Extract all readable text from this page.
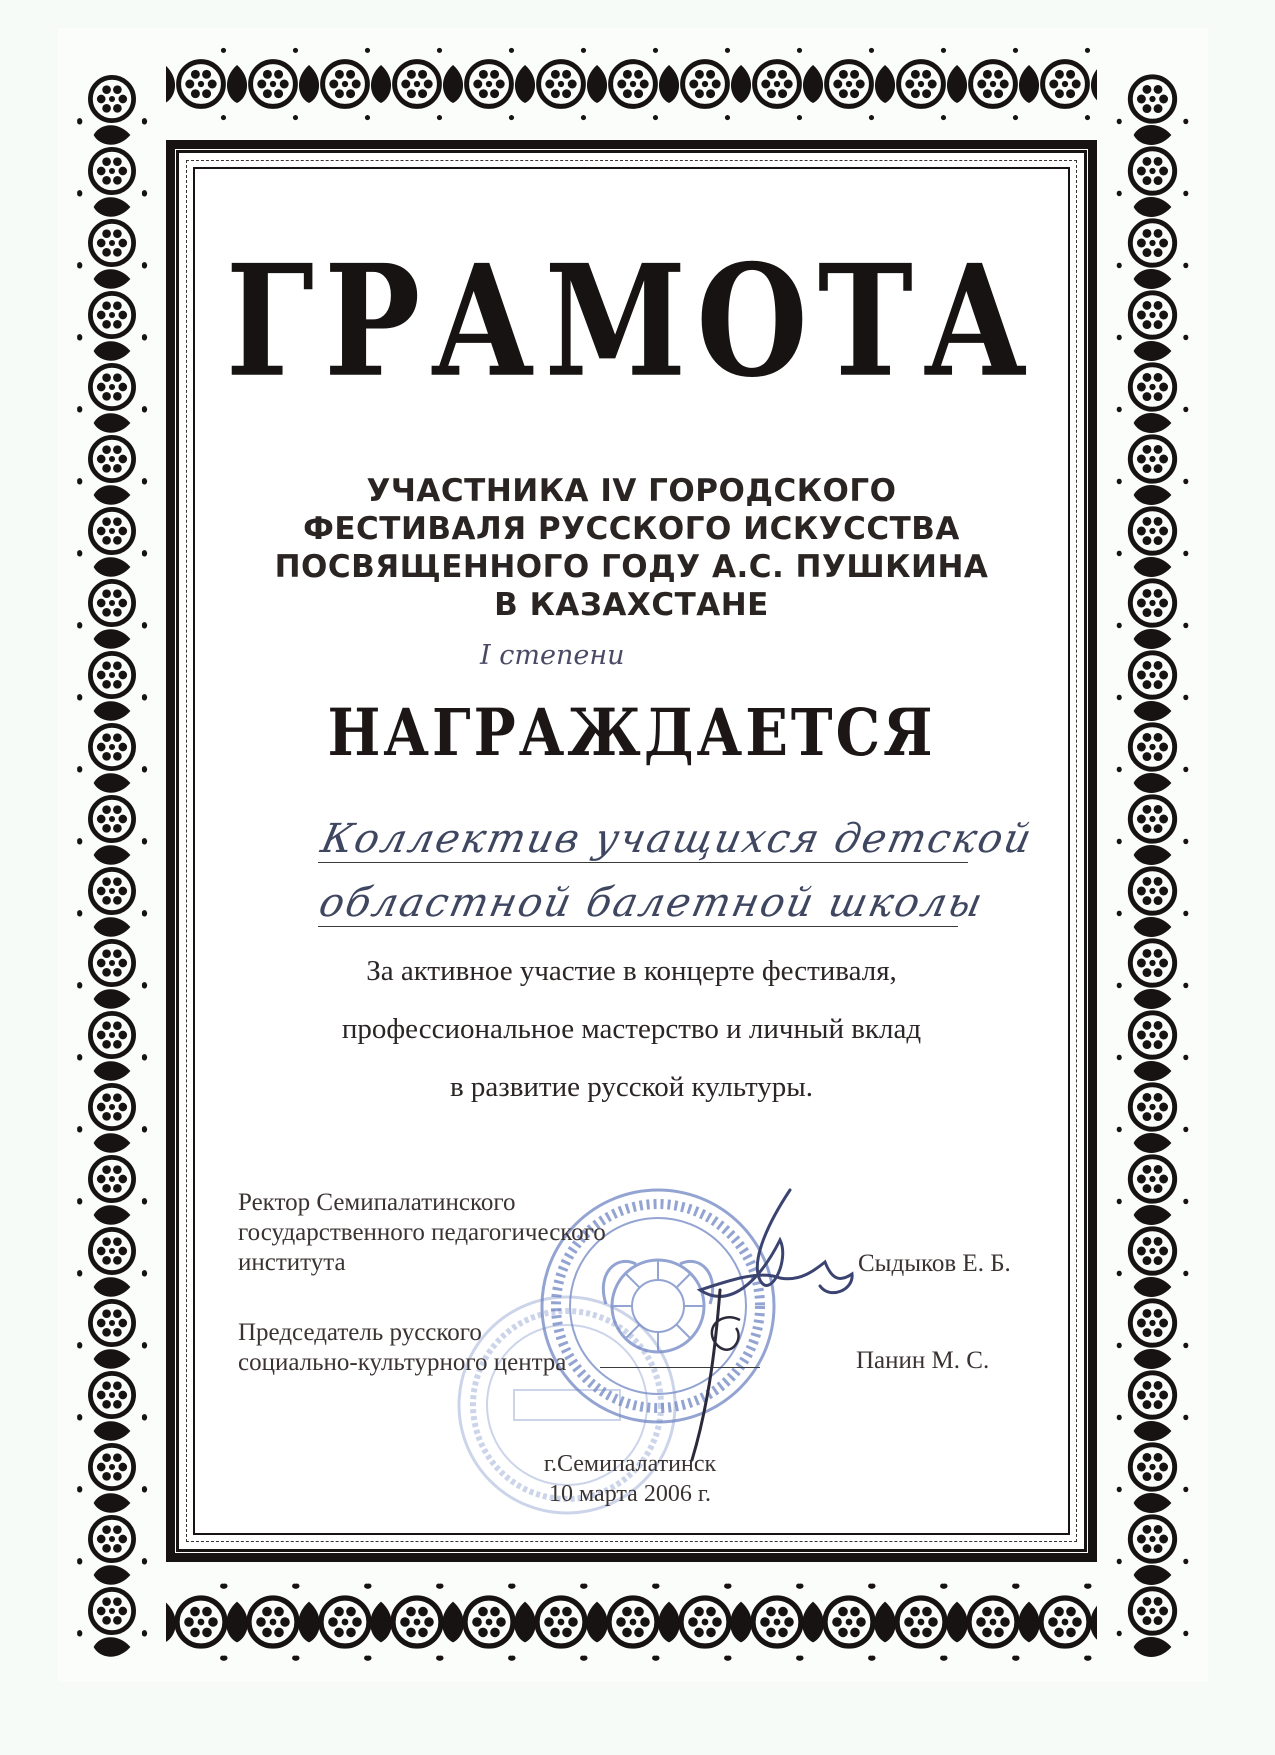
ГРАМОТА
УЧАСТНИКА IV ГОРОДСКОГО
ФЕСТИВАЛЯ РУССКОГО ИСКУССТВА
ПОСВЯЩЕННОГО ГОДУ А.С. ПУШКИНА
В КАЗАХСТАНЕ
I степени
НАГРАЖДАЕТСЯ
Коллектив учащихся детской
областной балетной школы
За активное участие в концерте фестиваля,
профессиональное мастерство и личный вклад
в развитие русской культуры.
Ректор Семипалатинского
государственного педагогического
института	Сыдыков Е. Б.
Председатель русского
социально-культурного центра	Панин М. С.
г.Семипалатинск
10 марта 2006 г.
